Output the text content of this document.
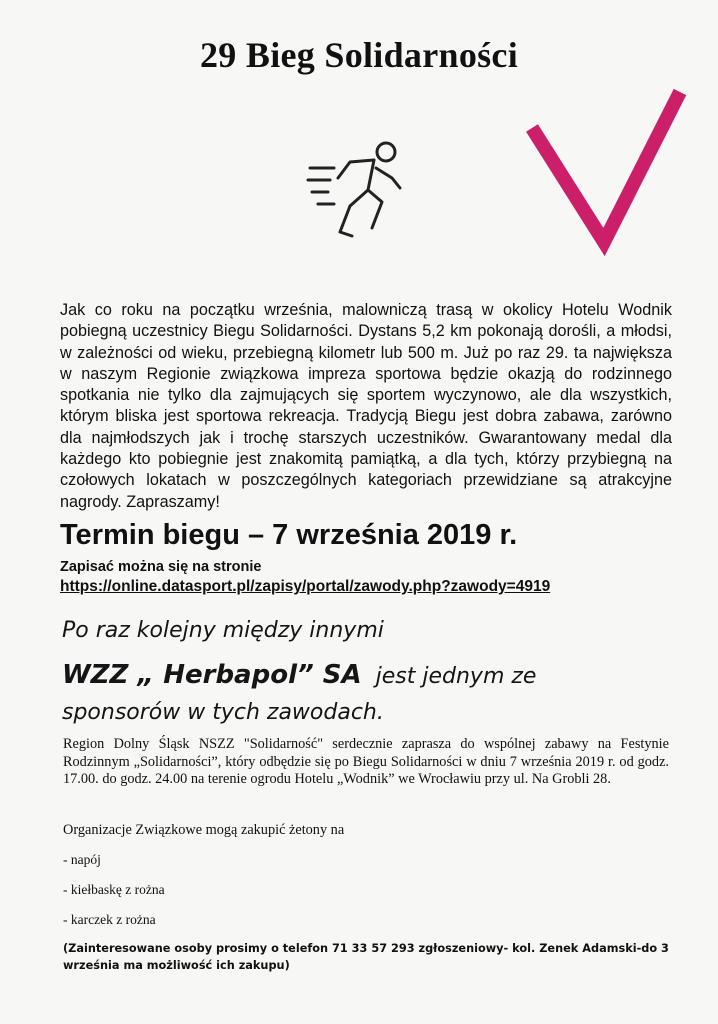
29 Bieg Solidarności

Jak co roku na początku września, malowniczą trasą w okolicy Hotelu Wodnik pobiegną uczestnicy Biegu Solidarności. Dystans 5,2 km pokonają dorośli, a młodsi, w zależności od wieku, przebiegną kilometr lub 500 m. Już po raz 29. ta największa w naszym Regionie związkowa impreza sportowa będzie okazją do rodzinnego spotkania nie tylko dla zajmujących się sportem wyczynowo, ale dla wszystkich, którym bliska jest sportowa rekreacja. Tradycją Biegu jest dobra zabawa, zarówno dla najmłodszych jak i trochę starszych uczestników. Gwarantowany medal dla każdego kto pobiegnie jest znakomitą pamiątką, a dla tych, którzy przybiegną na czołowych lokatach w poszczególnych kategoriach przewidziane są atrakcyjne nagrody. Zapraszamy!

Termin biegu – 7 września 2019 r.

Zapisać można się na stronie

https://online.datasport.pl/zapisy/portal/zawody.php?zawody=4919

Po raz kolejny między innymi

WZZ „ Herbapol” SA jest jednym ze

sponsorów w tych zawodach.

Region Dolny Śląsk NSZZ "Solidarność" serdecznie zaprasza do wspólnej zabawy na Festynie Rodzinnym „Solidarności”, który odbędzie się po Biegu Solidarności w dniu 7 września 2019 r. od godz. 17.00. do godz. 24.00 na terenie ogrodu Hotelu „Wodnik” we Wrocławiu przy ul. Na Grobli 28.

Organizacje Związkowe mogą zakupić żetony na

- napój

- kiełbaskę z rożna

- karczek z rożna

(Zainteresowane osoby prosimy o telefon 71 33 57 293 zgłoszeniowy- kol. Zenek Adamski-do 3 września ma możliwość ich zakupu)
